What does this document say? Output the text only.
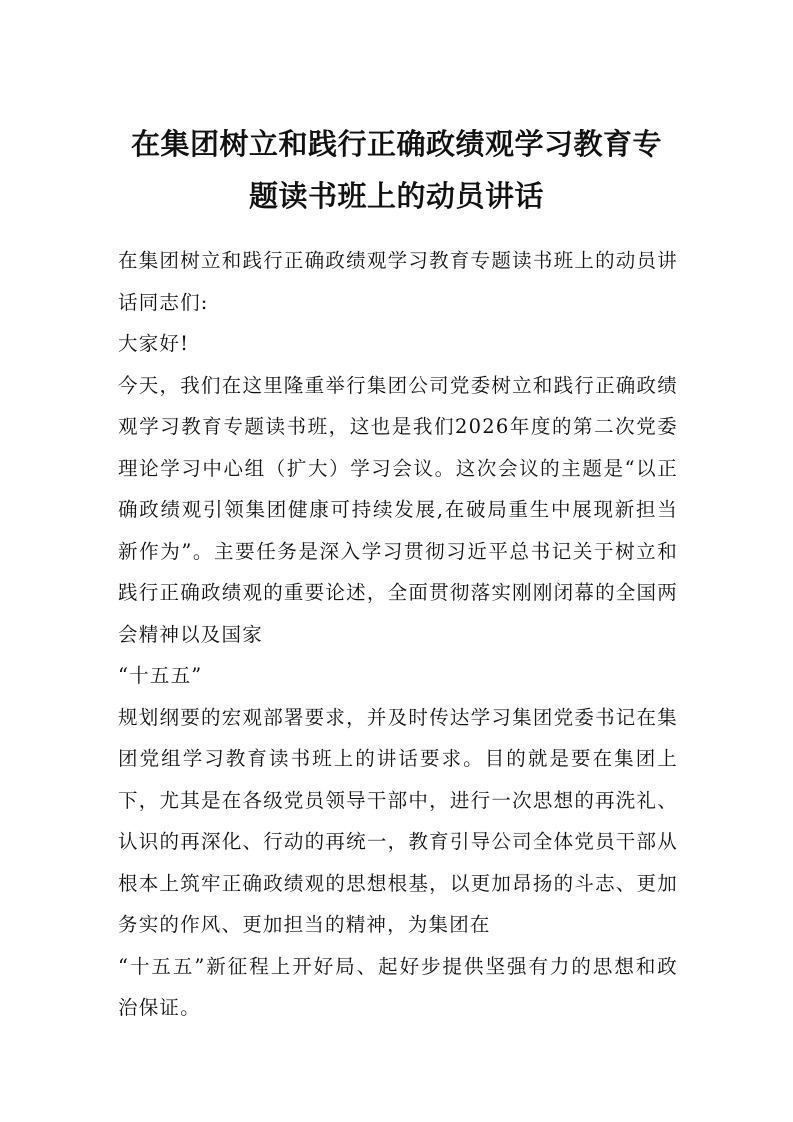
在集团树立和践行正确政绩观学习教育专
题读书班上的动员讲话

在集团树立和践行正确政绩观学习教育专题读书班上的动员讲话同志们:

大家好!

今天，我们在这里隆重举行集团公司党委树立和践行正确政绩观学习教育专题读书班，这也是我们2026年度的第二次党委理论学习中心组（扩大）学习会议。这次会议的主题是“以正确政绩观引领集团健康可持续发展,在破局重生中展现新担当新作为”。主要任务是深入学习贯彻习近平总书记关于树立和践行正确政绩观的重要论述，全面贯彻落实刚刚闭幕的全国两会精神以及国家

“十五五”

规划纲要的宏观部署要求，并及时传达学习集团党委书记在集团党组学习教育读书班上的讲话要求。目的就是要在集团上下，尤其是在各级党员领导干部中，进行一次思想的再洗礼、认识的再深化、行动的再统一，教育引导公司全体党员干部从根本上筑牢正确政绩观的思想根基，以更加昂扬的斗志、更加务实的作风、更加担当的精神，为集团在

“十五五”新征程上开好局、起好步提供坚强有力的思想和政治保证。
